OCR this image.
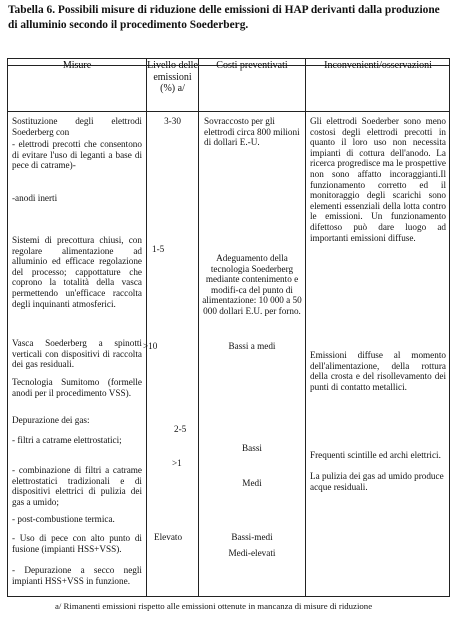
Tabella 6. Possibili misure di riduzione delle emissioni di HAP derivanti dalla produzione di alluminio secondo il procedimento Soederberg.
Misure	Livello delle emissioni (%) a/
Costi preventivati	Inconvenienti/osservazioni
Sostituzione degli elettrodi Soederberg con
- elettrodi precotti che consentono di evitare l'uso di leganti a base di pece di catrame)-
-anodi inerti
Sistemi di precottura chiusi, con regolare alimentazione ad alluminio ed efficace regolazione del processo; cappottature che coprono la totalità della vasca permettendo un'efficace raccolta degli inquinanti atmosferici.
Vasca Soederberg a spinotti verticali con dispositivi di raccolta dei gas residuali.
Tecnologia Sumitomo (formelle anodi per il procedimento VSS).
Depurazione dei gas:
- filtri a catrame elettrostatici;
- combinazione di filtri a catrame elettrostatici tradizionali e di dispositivi elettrici di pulizia dei gas a umido;
- post-combustione termica.
- Uso di pece con alto punto di fusione (impianti HSS+VSS).
- Depurazione a secco negli impianti HSS+VSS in funzione.
3-30
1-5
>10
2-5
>1
Elevato
Sovraccosto per gli elettrodi circa 800 milioni di dollari E.-U.
Adeguamento della tecnologia Soederberg mediante contenimento e modifi-ca del punto di alimentazione: 10 000 a 50 000 dollari E.U. per forno.
Bassi a medi
Bassi
Medi
Bassi-medi
Medi-elevati
Gli elettrodi Soederber sono meno costosi degli elettrodi precotti in quanto il loro uso non necessita impianti di cottura dell'anodo. La ricerca progredisce ma le prospettive non sono affatto incoraggianti.Il funzionamento corretto ed il monitoraggio degli scarichi sono elementi essenziali della lotta contro le emissioni. Un funzionamento difettoso può dare luogo ad importanti emissioni diffuse.
Emissioni diffuse al momento dell'alimentazione, della rottura della crosta e del risollevamento dei punti di contatto metallici.
Frequenti scintille ed archi elettrici.
La pulizia dei gas ad umido produce acque residuali.
a/ Rimanenti emissioni rispetto alle emissioni ottenute in mancanza di misure di riduzione
